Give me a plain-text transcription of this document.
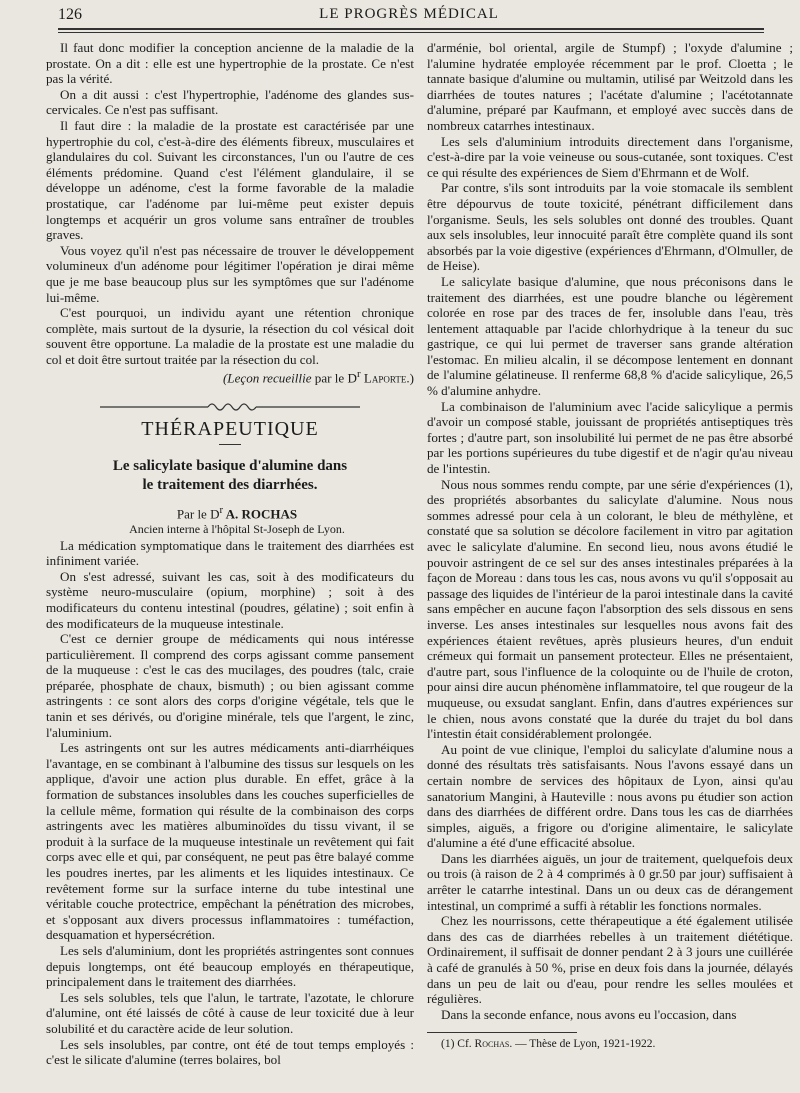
126	LE PROGRÈS MÉDICAL

Il faut donc modifier la conception ancienne de la maladie de la prostate. On a dit : elle est une hypertrophie de la prostate. Ce n'est pas la vérité.

On a dit aussi : c'est l'hypertrophie, l'adénome des glandes sus-cervicales. Ce n'est pas suffisant.

Il faut dire : la maladie de la prostate est caractérisée par une hypertrophie du col, c'est-à-dire des éléments fibreux, musculaires et glandulaires du col. Suivant les circonstances, l'un ou l'autre de ces éléments prédomine. Quand c'est l'élément glandulaire, il se développe un adénome, c'est la forme favorable de la maladie prostatique, car l'adénome par lui-même peut exister depuis longtemps et acquérir un gros volume sans entraîner de troubles graves.

Vous voyez qu'il n'est pas nécessaire de trouver le développement volumineux d'un adénome pour légitimer l'opération je dirai même que je me base beaucoup plus sur les symptômes que sur l'adénome lui-même.

C'est pourquoi, un individu ayant une rétention chronique complète, mais surtout de la dysurie, la résection du col vésical doit souvent être opportune. La maladie de la prostate est une maladie du col et doit être surtout traitée par la résection du col.

(Leçon recueillie par le $D^r$ Laporte.)

THÉRAPEUTIQUE

Le salicylate basique d'alumine dans
le traitement des diarrhées.

Par le $D^r$ A. ROCHAS

Ancien interne à l'hôpital St-Joseph de Lyon.

La médication symptomatique dans le traitement des diarrhées est infiniment variée.

On s'est adressé, suivant les cas, soit à des modificateurs du système neuro-musculaire (opium, morphine) ; soit à des modificateurs du contenu intestinal (poudres, gélatine) ; soit enfin à des modificateurs de la muqueuse intestinale.

C'est ce dernier groupe de médicaments qui nous intéresse particulièrement. Il comprend des corps agissant comme pansement de la muqueuse : c'est le cas des mucilages, des poudres (talc, craie préparée, phosphate de chaux, bismuth) ; ou bien agissant comme astringents : ce sont alors des corps d'origine végétale, tels que le tanin et ses dérivés, ou d'origine minérale, tels que l'argent, le zinc, l'aluminium.

Les astringents ont sur les autres médicaments anti-diarrhéiques l'avantage, en se combinant à l'albumine des tissus sur lesquels on les applique, d'avoir une action plus durable. En effet, grâce à la formation de substances insolubles dans les couches superficielles de la cellule même, formation qui résulte de la combinaison des corps astringents avec les matières albuminoïdes du tissu vivant, il se produit à la surface de la muqueuse intestinale un revêtement qui fait corps avec elle et qui, par conséquent, ne peut pas être balayé comme les poudres inertes, par les aliments et les liquides intestinaux. Ce revêtement forme sur la surface interne du tube intestinal une véritable couche protectrice, empêchant la pénétration des microbes, et s'opposant aux divers processus inflammatoires : tuméfaction, desquamation et hypersécrétion.

Les sels d'aluminium, dont les propriétés astringentes sont connues depuis longtemps, ont été beaucoup employés en thérapeutique, principalement dans le traitement des diarrhées.

Les sels solubles, tels que l'alun, le tartrate, l'azotate, le chlorure d'alumine, ont été laissés de côté à cause de leur toxicité due à leur solubilité et du caractère acide de leur solution.

Les sels insolubles, par contre, ont été de tout temps employés : c'est le silicate d'alumine (terres bolaires, bol

d'arménie, bol oriental, argile de Stumpf) ; l'oxyde d'alumine ; l'alumine hydratée employée récemment par le prof. Cloetta ; le tannate basique d'alumine ou multamin, utilisé par Weitzold dans les diarrhées de toutes natures ; l'acétate d'alumine ; l'acétotannate d'alumine, préparé par Kaufmann, et employé avec succès dans de nombreux catarrhes intestinaux.

Les sels d'aluminium introduits directement dans l'organisme, c'est-à-dire par la voie veineuse ou sous-cutanée, sont toxiques. C'est ce qui résulte des expériences de Siem d'Ehrmann et de Wolf.

Par contre, s'ils sont introduits par la voie stomacale ils semblent être dépourvus de toute toxicité, pénétrant difficilement dans l'organisme. Seuls, les sels solubles ont donné des troubles. Quant aux sels insolubles, leur innocuité paraît être complète quand ils sont absorbés par la voie digestive (expériences d'Ehrmann, d'Olmuller, de de Heise).

Le salicylate basique d'alumine, que nous préconisons dans le traitement des diarrhées, est une poudre blanche ou légèrement colorée en rose par des traces de fer, insoluble dans l'eau, très lentement attaquable par l'acide chlorhydrique à la teneur du suc gastrique, ce qui lui permet de traverser sans grande altération l'estomac. En milieu alcalin, il se décompose lentement en donnant de l'alumine gélatineuse. Il renferme 68,8 % d'acide salicylique, 26,5 % d'alumine anhydre.

La combinaison de l'aluminium avec l'acide salicylique a permis d'avoir un composé stable, jouissant de propriétés antiseptiques très fortes ; d'autre part, son insolubilité lui permet de ne pas être absorbé par les portions supérieures du tube digestif et de n'agir qu'au niveau de l'intestin.

Nous nous sommes rendu compte, par une série d'expériences (1), des propriétés absorbantes du salicylate d'alumine. Nous nous sommes adressé pour cela à un colorant, le bleu de méthylène, et constaté que sa solution se décolore facilement in vitro par agitation avec le salicylate d'alumine. En second lieu, nous avons étudié le pouvoir astringent de ce sel sur des anses intestinales préparées à la façon de Moreau : dans tous les cas, nous avons vu qu'il s'opposait au passage des liquides de l'intérieur de la paroi intestinale dans la cavité sans empêcher en aucune façon l'absorption des sels dissous en sens inverse. Les anses intestinales sur lesquelles nous avons fait des expériences étaient revêtues, après plusieurs heures, d'un enduit crémeux qui formait un pansement protecteur. Elles ne présentaient, d'autre part, sous l'influence de la coloquinte ou de l'huile de croton, pour ainsi dire aucun phénomène inflammatoire, tel que rougeur de la muqueuse, ou exsudat sanglant. Enfin, dans d'autres expériences sur le chien, nous avons constaté que la durée du trajet du bol dans l'intestin était considérablement prolongée.

Au point de vue clinique, l'emploi du salicylate d'alumine nous a donné des résultats très satisfaisants. Nous l'avons essayé dans un certain nombre de services des hôpitaux de Lyon, ainsi qu'au sanatorium Mangini, à Hauteville : nous avons pu étudier son action dans des diarrhées de différent ordre. Dans tous les cas de diarrhées simples, aiguës, a frigore ou d'origine alimentaire, le salicylate d'alumine a été d'une efficacité absolue.

Dans les diarrhées aiguës, un jour de traitement, quelquefois deux ou trois (à raison de 2 à 4 comprimés à 0 gr.50 par jour) suffisaient à arrêter le catarrhe intestinal. Dans un ou deux cas de dérangement intestinal, un comprimé a suffi à rétablir les fonctions normales.

Chez les nourrissons, cette thérapeutique a été également utilisée dans des cas de diarrhées rebelles à un traitement diététique. Ordinairement, il suffisait de donner pendant 2 à 3 jours une cuillérée à café de granulés à 50 %, prise en deux fois dans la journée, délayés dans un peu de lait ou d'eau, pour rendre les selles moulées et régulières.

Dans la seconde enfance, nous avons eu l'occasion, dans

(1) Cf. Rochas. — Thèse de Lyon, 1921-1922.
